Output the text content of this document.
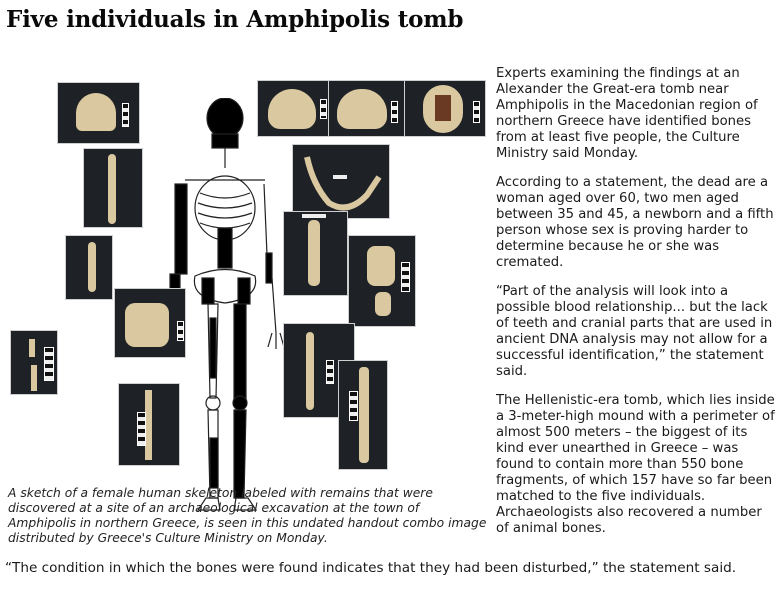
Five individuals in Amphipolis tomb

A sketch of a female human skeleton labeled with remains that were discovered at a site of an archaeological excavation at the town of Amphipolis in northern Greece, is seen in this undated handout combo image distributed by Greece's Culture Ministry on Monday.

Experts examining the findings at an Alexander the Great-era tomb near Amphipolis in the Macedonian region of northern Greece have identified bones from at least five people, the Culture Ministry said Monday.

According to a statement, the dead are a woman aged over 60, two men aged between 35 and 45, a newborn and a fifth person whose sex is proving harder to determine because he or she was cremated.

“Part of the analysis will look into a possible blood relationship... but the lack of teeth and cranial parts that are used in ancient DNA analysis may not allow for a successful identification,” the statement said.

The Hellenistic-era tomb, which lies inside a 3-meter-high mound with a perimeter of almost 500 meters – the biggest of its kind ever unearthed in Greece – was found to contain more than 550 bone fragments, of which 157 have so far been matched to the five individuals. Archaeologists also recovered a number of animal bones.

“The condition in which the bones were found indicates that they had been disturbed,” the statement said.
